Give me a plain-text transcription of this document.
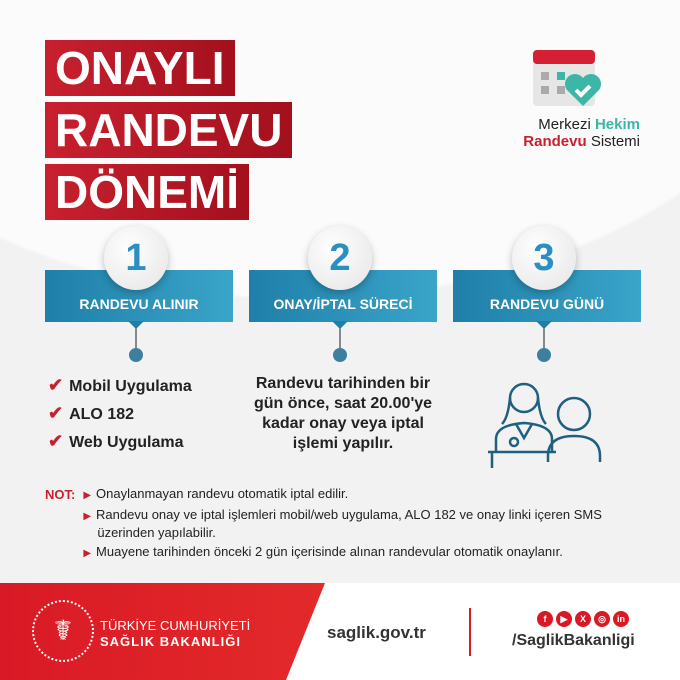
ONAYLI
RANDEVU
DÖNEMİ
Merkezi Hekim
Randevu Sistemi
1
RANDEVU ALINIR
2
ONAY/İPTAL SÜRECİ
3
RANDEVU GÜNÜ
✔ Mobil Uygulama
✔ ALO 182
✔ Web Uygulama
Randevu tarihinden bir gün önce, saat 20.00'ye kadar onay veya iptal işlemi yapılır.
NOT: ▶ Onaylanmayan randevu otomatik iptal edilir.
▶ Randevu onay ve iptal işlemleri mobil/web uygulama, ALO 182 ve onay linki içeren SMS üzerinden yapılabilir.
▶ Muayene tarihinden önceki 2 gün içerisinde alınan randevular otomatik onaylanır.
☤	TÜRKİYE CUMHURİYETİ
SAĞLIK BAKANLIĞI	saglik.gov.tr
f	▶	X	◎	in
/SaglikBakanligi
